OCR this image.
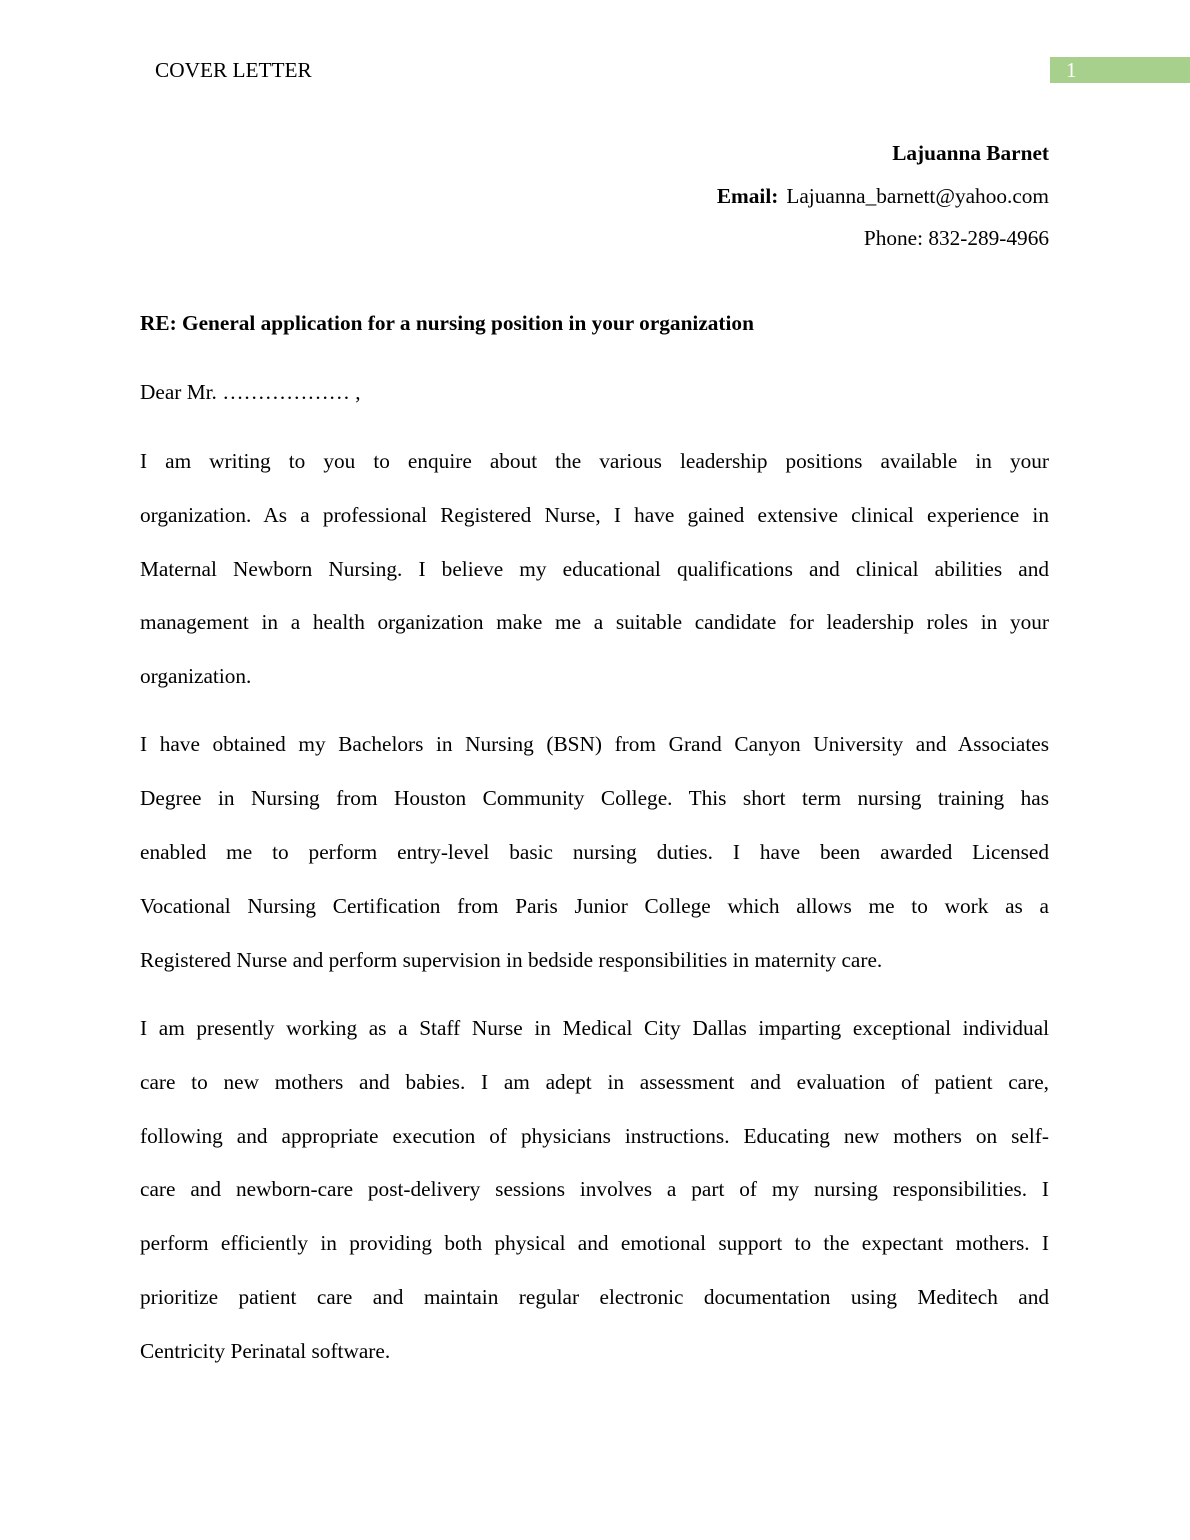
COVER LETTER	1
Lajuanna Barnet
Email: Lajuanna_barnett@yahoo.com
Phone: 832-289-4966
RE: General application for a nursing position in your organization
Dear Mr. ……………… ,
I am writing to you to enquire about the various leadership positions available in your
organization. As a professional Registered Nurse, I have gained extensive clinical experience in
Maternal Newborn Nursing. I believe my educational qualifications and clinical abilities and
management in a health organization make me a suitable candidate for leadership roles in your
organization.
I have obtained my Bachelors in Nursing (BSN) from Grand Canyon University and Associates
Degree in Nursing from Houston Community College. This short term nursing training has
enabled me to perform entry-level basic nursing duties. I have been awarded Licensed
Vocational Nursing Certification from Paris Junior College which allows me to work as a
Registered Nurse and perform supervision in bedside responsibilities in maternity care.
I am presently working as a Staff Nurse in Medical City Dallas imparting exceptional individual
care to new mothers and babies. I am adept in assessment and evaluation of patient care,
following and appropriate execution of physicians instructions. Educating new mothers on self-
care and newborn-care post-delivery sessions involves a part of my nursing responsibilities. I
perform efficiently in providing both physical and emotional support to the expectant mothers. I
prioritize patient care and maintain regular electronic documentation using Meditech and
Centricity Perinatal software.
